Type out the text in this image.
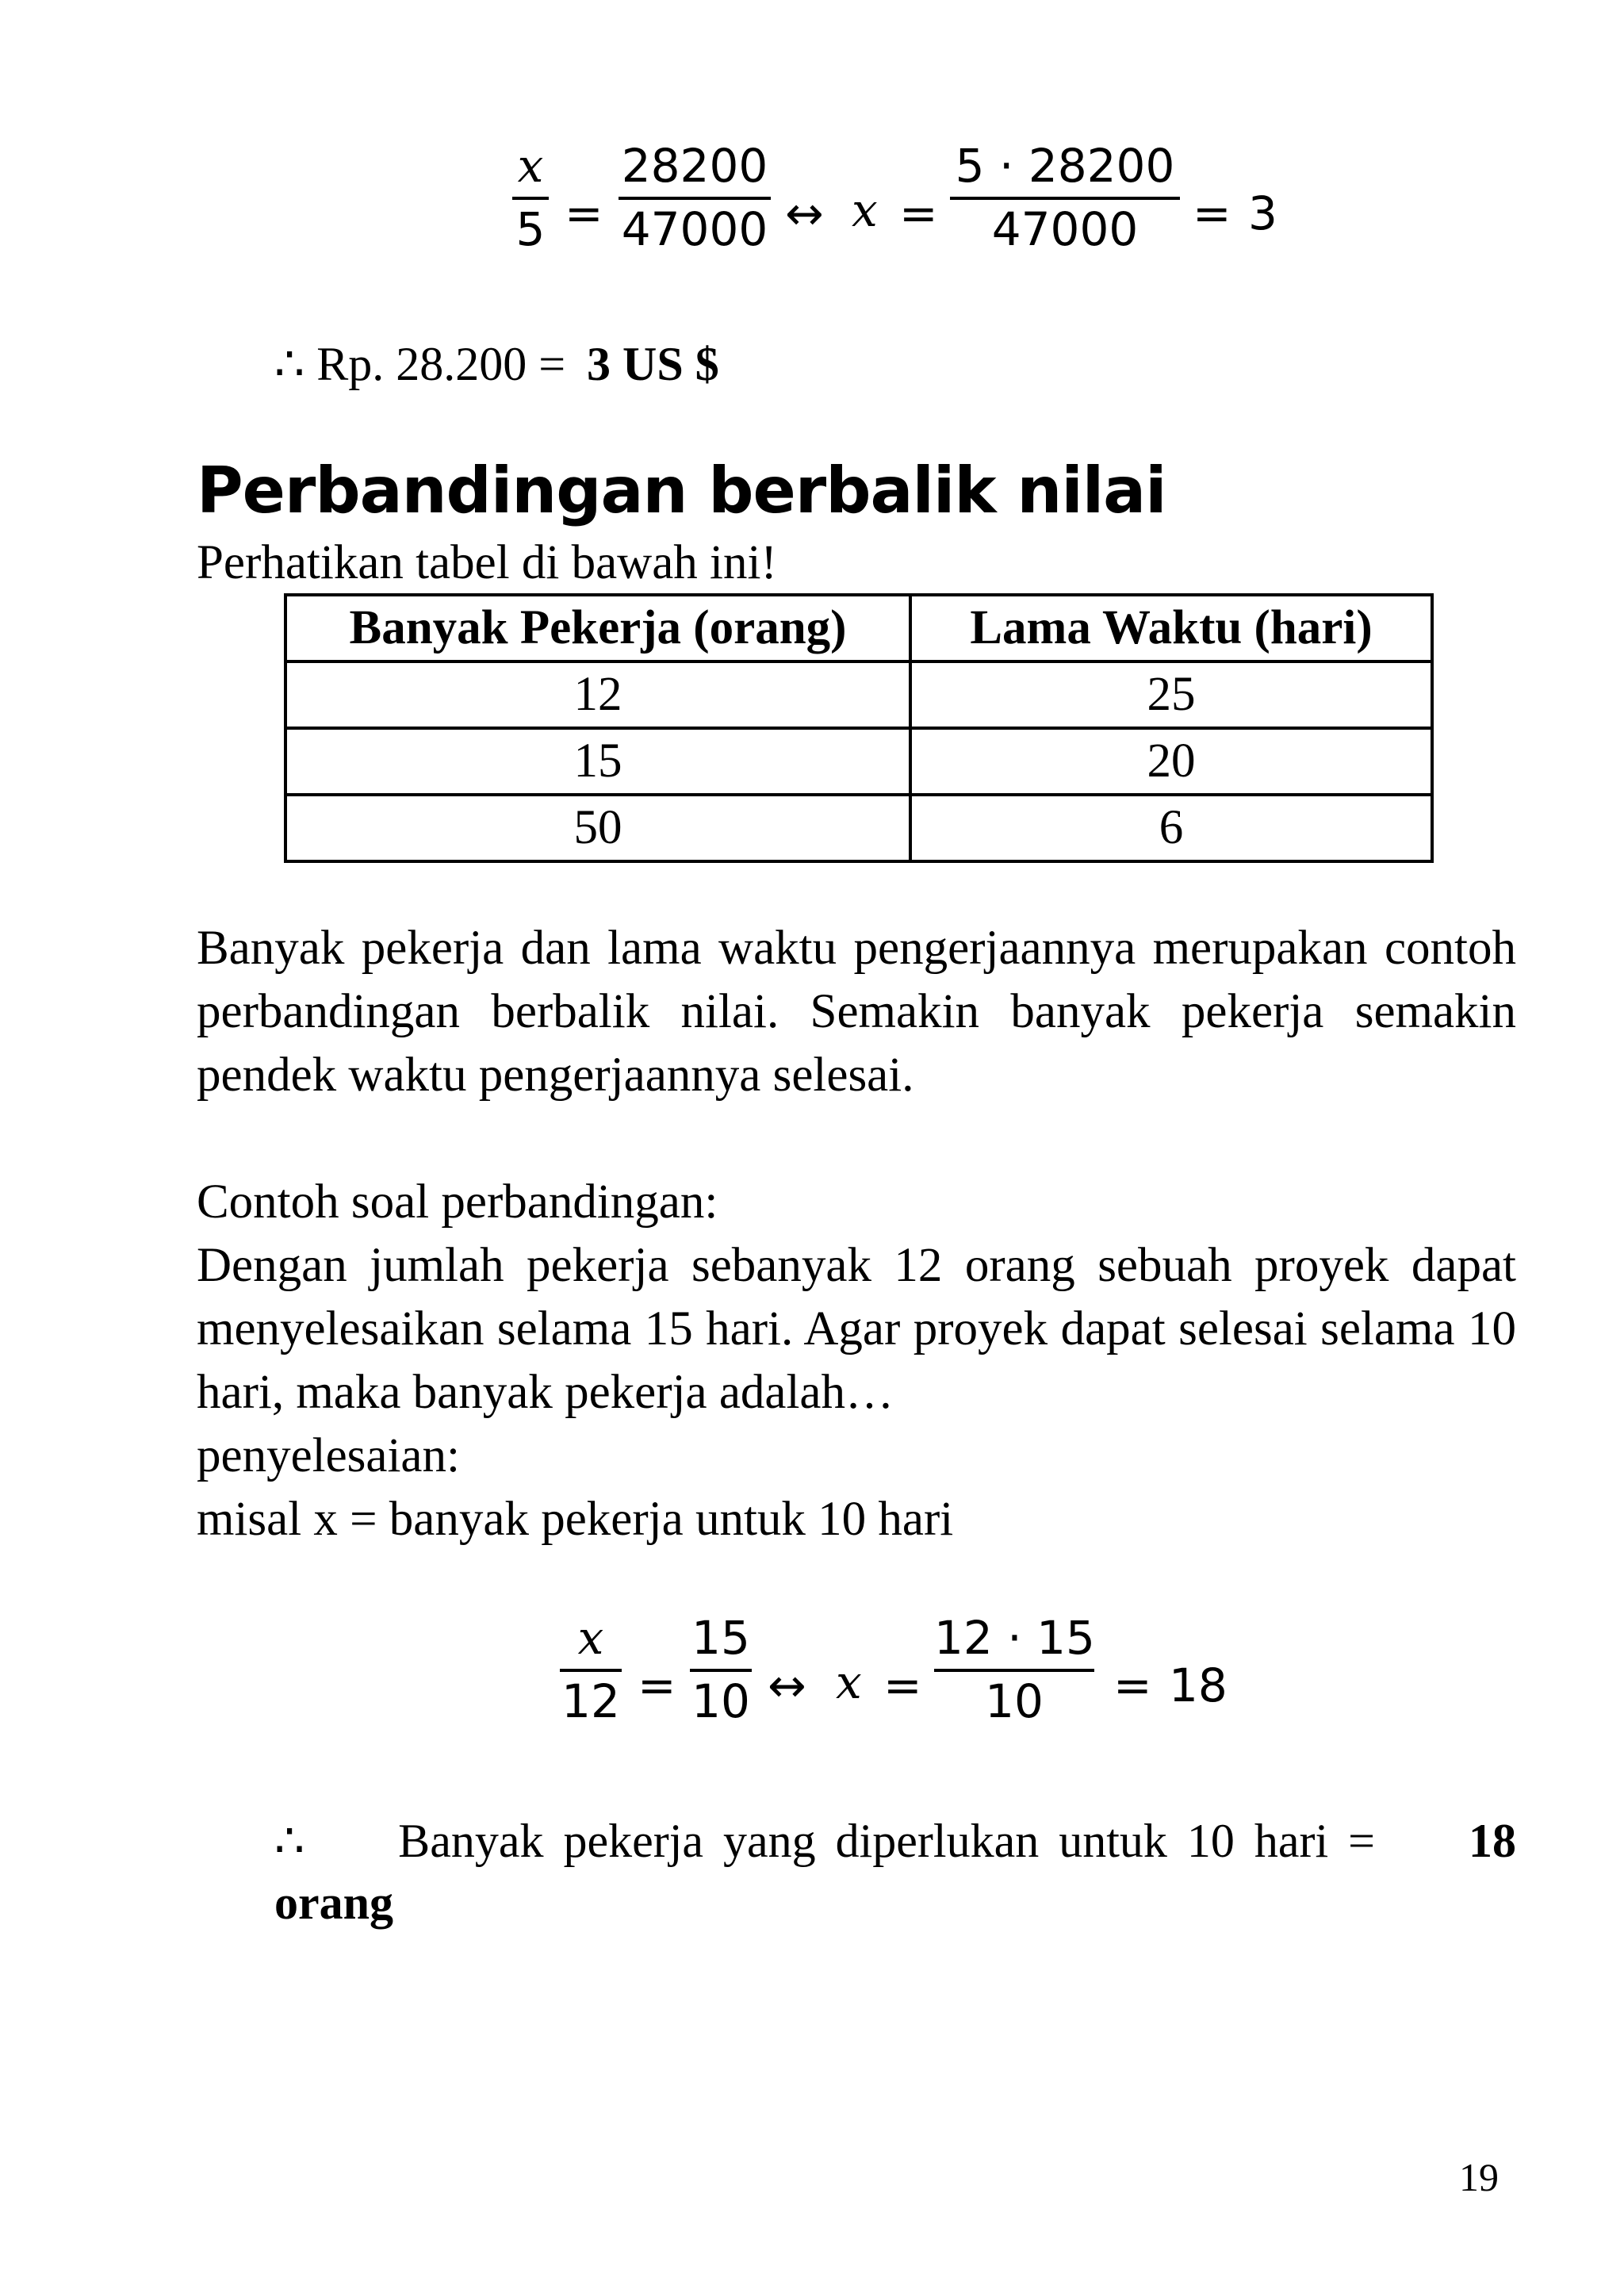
x
5 =
28200
47000 ↔ x =
5 · 28200
47000	= 3
∴ Rp. 28.200 = 3 US $
Perbandingan berbalik nilai

Perhatikan tabel di bawah ini!

Banyak Pekerja (orang)	Lama Waktu (hari)
12	25
15	20
50	6

Banyak pekerja dan lama waktu pengerjaannya merupakan contoh perbandingan berbalik nilai. Semakin banyak pekerja semakin pendek waktu pengerjaannya selesai.

Contoh soal perbandingan:

Dengan jumlah pekerja sebanyak 12 orang sebuah proyek dapat menyelesaikan selama 15 hari. Agar proyek dapat selesai selama 10 hari, maka banyak pekerja adalah…

penyelesaian:

misal x = banyak pekerja untuk 10 hari

x
12 =
15
10 ↔ x =
12 · 15
10	= 18
∴ Banyak pekerja yang diperlukan untuk 10 hari = 18
orang
19
